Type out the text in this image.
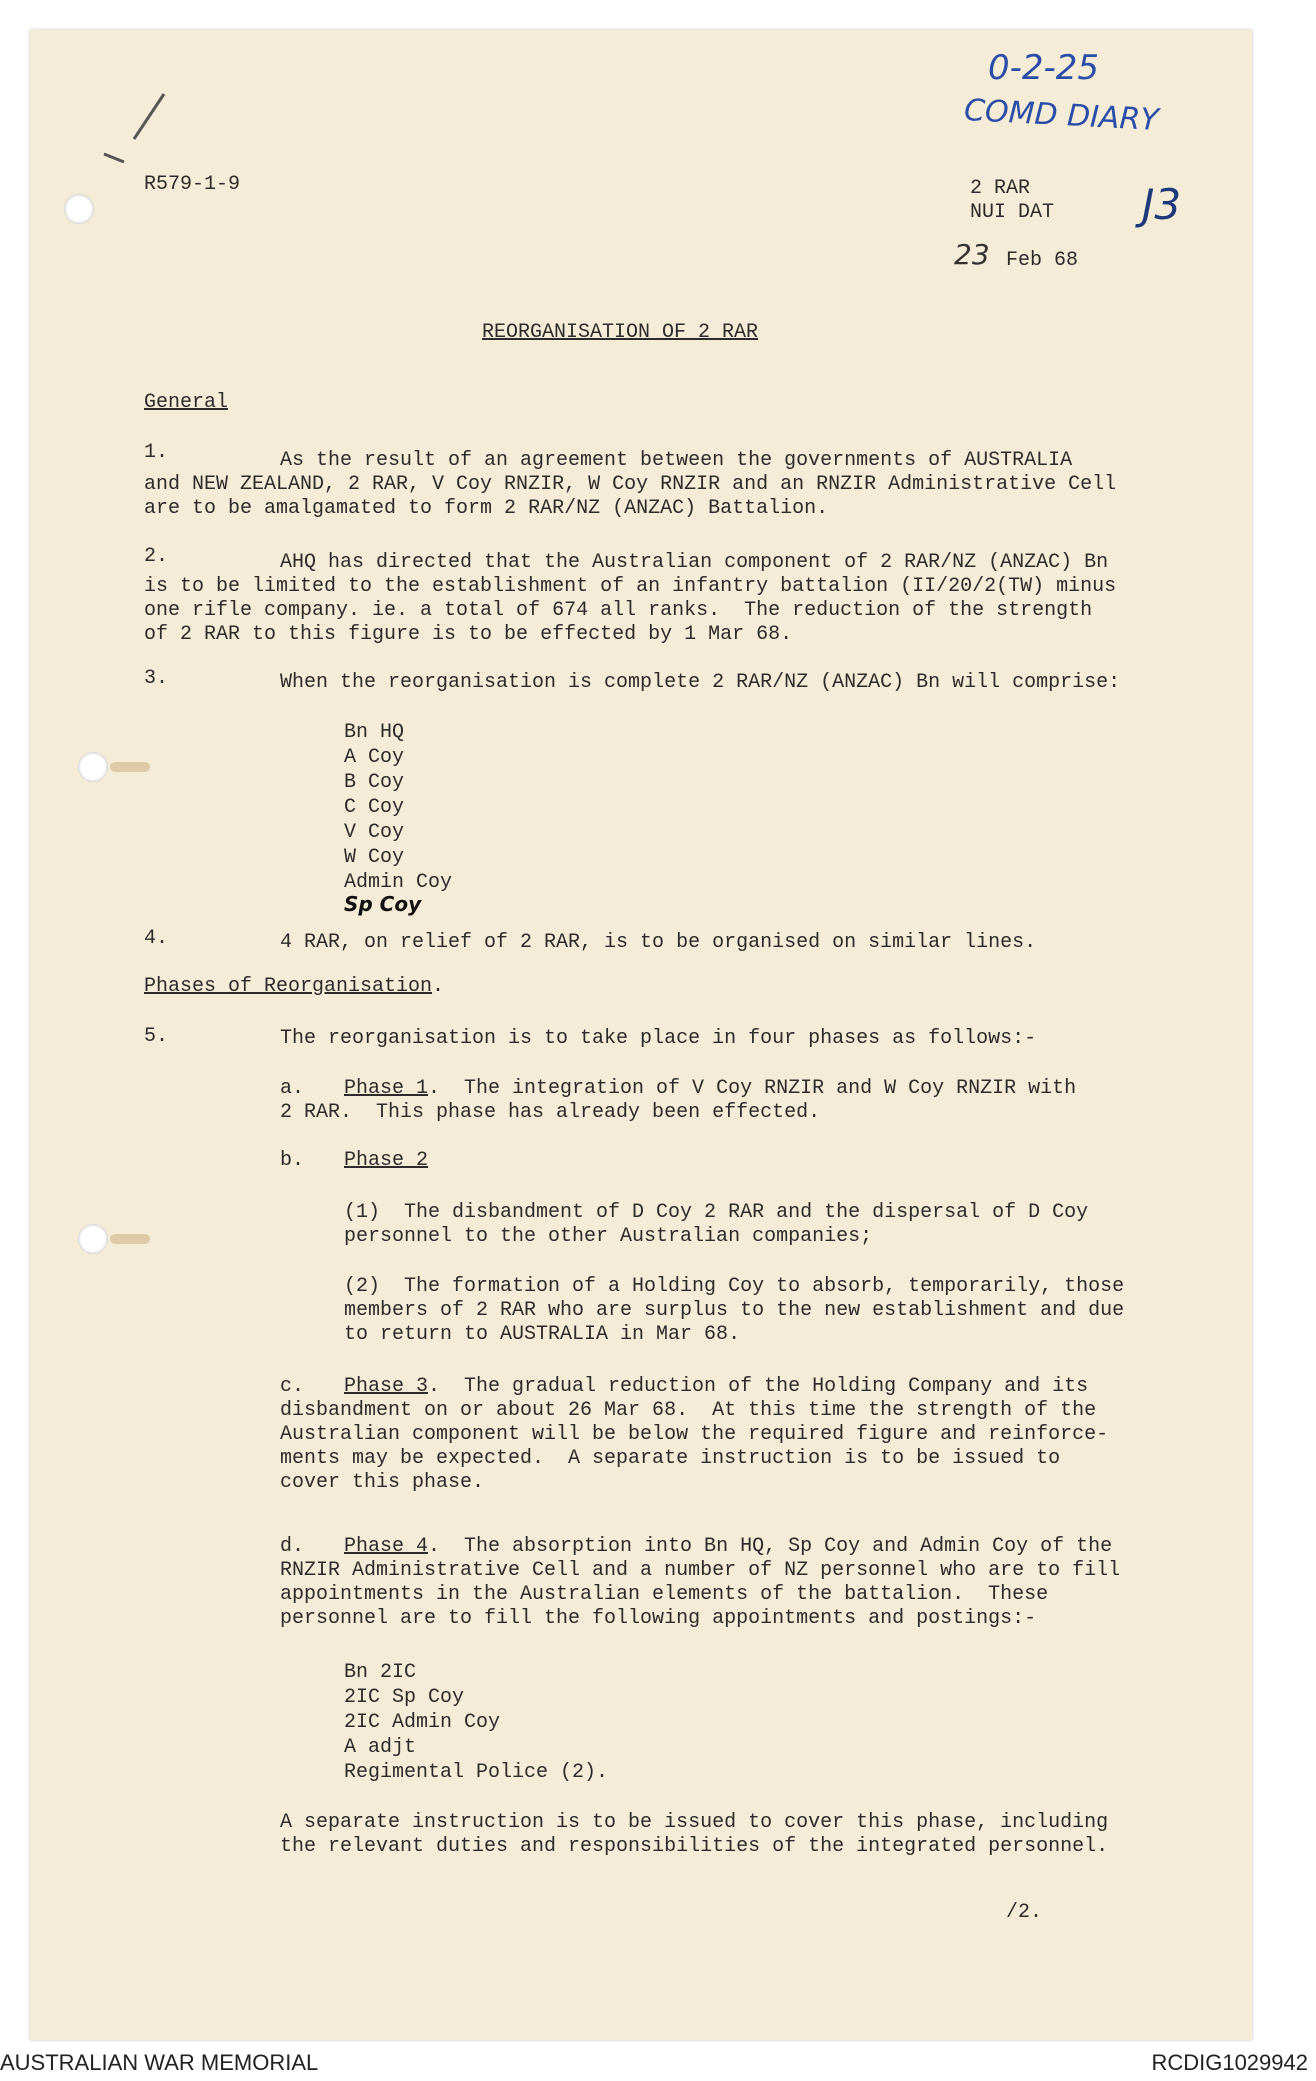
0-2-25
COMD DIARY
J3
R579-1-9	2 RAR
NUI DAT
23 Feb 68
REORGANISATION OF 2 RAR
General
1.	As the result of an agreement between the governments of AUSTRALIA
and NEW ZEALAND, 2 RAR, V Coy RNZIR, W Coy RNZIR and an RNZIR Administrative Cell
are to be amalgamated to form 2 RAR/NZ (ANZAC) Battalion.
2.	AHQ has directed that the Australian component of 2 RAR/NZ (ANZAC) Bn
is to be limited to the establishment of an infantry battalion (II/20/2(TW) minus
one rifle company. ie. a total of 674 all ranks.  The reduction of the strength
of 2 RAR to this figure is to be effected by 1 Mar 68.
3.	When the reorganisation is complete 2 RAR/NZ (ANZAC) Bn will comprise:
Bn HQ
A Coy
B Coy
C Coy
V Coy
W Coy
Admin Coy
Sp Coy
4.	4 RAR, on relief of 2 RAR, is to be organised on similar lines.
Phases of Reorganisation.
5.	The reorganisation is to take place in four phases as follows:-
a. Phase 1.  The integration of V Coy RNZIR and W Coy RNZIR with
2 RAR.  This phase has already been effected.
b. Phase 2
(1)  The disbandment of D Coy 2 RAR and the dispersal of D Coy
personnel to the other Australian companies;
(2)  The formation of a Holding Coy to absorb, temporarily, those
members of 2 RAR who are surplus to the new establishment and due
to return to AUSTRALIA in Mar 68.
c. Phase 3.  The gradual reduction of the Holding Company and its
disbandment on or about 26 Mar 68.  At this time the strength of the
Australian component will be below the required figure and reinforce-
ments may be expected.  A separate instruction is to be issued to
cover this phase.
d. Phase 4.  The absorption into Bn HQ, Sp Coy and Admin Coy of the
RNZIR Administrative Cell and a number of NZ personnel who are to fill
appointments in the Australian elements of the battalion.  These
personnel are to fill the following appointments and postings:-
Bn 2IC
2IC Sp Coy
2IC Admin Coy
A adjt
Regimental Police (2).
A separate instruction is to be issued to cover this phase, including
the relevant duties and responsibilities of the integrated personnel.
/2.
AUSTRALIAN WAR MEMORIAL	RCDIG1029942
